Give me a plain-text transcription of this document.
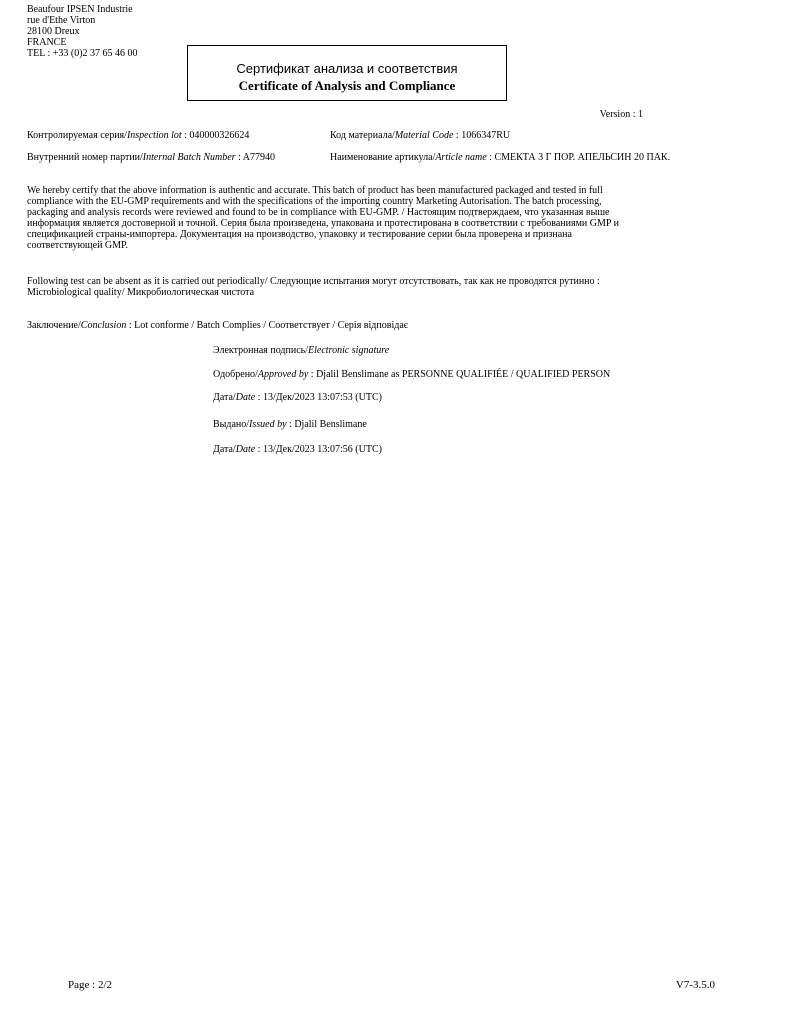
Beaufour IPSEN Industrie
rue d'Ethe Virton
28100 Dreux
FRANCE
TEL : +33 (0)2 37 65 46 00
Сертификат анализа и соответствия
Certificate of Analysis and Compliance
Version : 1
Контролируемая серия/Inspection lot : 040000326624	Код материала/Material Code : 1066347RU
Внутренний номер партии/Internal Batch Number : A77940	Наименование артикула/Article name : СМЕКТА 3 Г ПОР. АПЕЛЬСИН 20 ПАК.
We hereby certify that the above information is authentic and accurate. This batch of product has been manufactured packaged and tested in full
compliance with the EU-GMP requirements and with the specifications of the importing country Marketing Autorisation. The batch processing,
packaging and analysis records were reviewed and found to be in compliance with EU-GMP. / Настоящим подтверждаем, что указанная выше
информация является достоверной и точной. Серия была произведена, упакована и протестирована в соответствии с требованиями GMP и
спецификацией страны-импортера. Документация на производство, упаковку и тестирование серии была проверена и признана
соответствующей GMP.
Following test can be absent as it is carried out periodically/ Следующие испытания могут отсутствовать, так как не проводятся рутинно :
Microbiological quality/ Микробиологическая чистота
Заключение/Conclusion : Lot conforme / Batch Complies / Соответствует / Серія відповідає
Электронная подпись/Electronic signature
Одобрено/Approved by : Djalil Benslimane as PERSONNE QUALIFIÉE / QUALIFIED PERSON
Дата/Date : 13/Дек/2023 13:07:53 (UTC)
Выдано/Issued by : Djalil Benslimane
Дата/Date : 13/Дек/2023 13:07:56 (UTC)
Page : 2/2	V7-3.5.0
